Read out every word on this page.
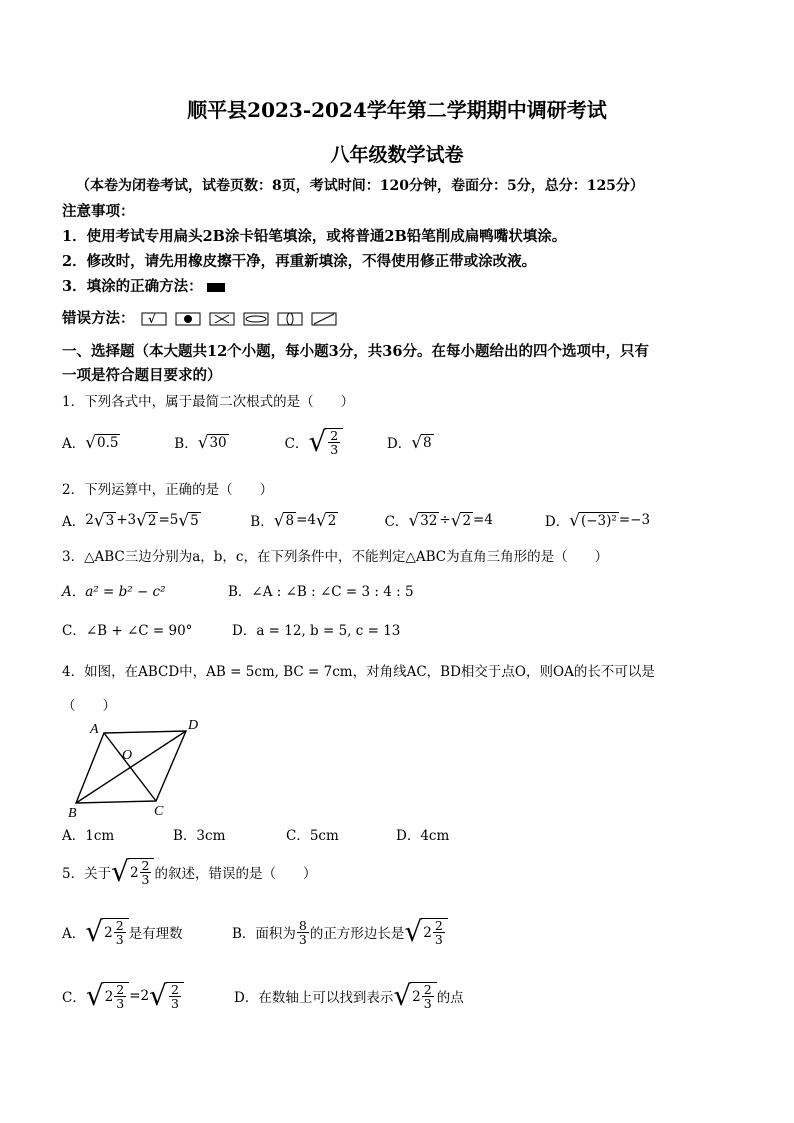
顺平县2023-2024学年第二学期期中调研考试
八年级数学试卷
（本卷为闭卷考试，试卷页数：8页，考试时间：120分钟，卷面分：5分，总分：125分）
注意事项：
1．使用考试专用扁头2B涂卡铅笔填涂，或将普通2B铅笔削成扁鸭嘴状填涂。
2．修改时，请先用橡皮擦干净，再重新填涂，不得使用修正带或涂改液。
3．填涂的正确方法：
错误方法： √
一、选择题（本大题共12个小题，每小题3分，共36分。在每小题给出的四个选项中，只有
一项是符合题目要求的）
1．下列各式中，属于最简二次根式的是（　　）
A． √ 0.5
	B． √ 30
	C． √ $\frac{2}{3}$
	D． √ 8
2．下列运算中，正确的是（　　）
A． 2 √ 3 +3 √ 2 =5 √ 5
	B． √ 8 =4 √ 2
	C． √ 32 ÷ √ 2 =4
	D． √ (−3)² =−3
3．△ABC三边分别为a，b，c，在下列条件中，不能判定△ABC为直角三角形的是（　　）
A．a² = b² − c²	B．∠A : ∠B : ∠C = 3 : 4 : 5
C．∠B + ∠C = 90°	D．a = 12, b = 5, c = 13
4．如图，在ABCD中，AB = 5cm, BC = 7cm，对角线AC，BD相交于点O，则OA的长不可以是
（　　）
A	D
O
B	C
A．1cm	B．3cm	C．5cm	D．4cm
5．关于 √ $2 \frac{2}{3}$ 的叙述，错误的是（　　）
A． √ $2 \frac{2}{3}$ 是有理数	B．面积为 $\frac{8}{3}$ 的正方形边长是 √ $2 \frac{2}{3}$
C． √ $2 \frac{2}{3} =2$ √ $\frac{2}{3}$	D．在数轴上可以找到表示 √ $2 \frac{2}{3}$ 的点
